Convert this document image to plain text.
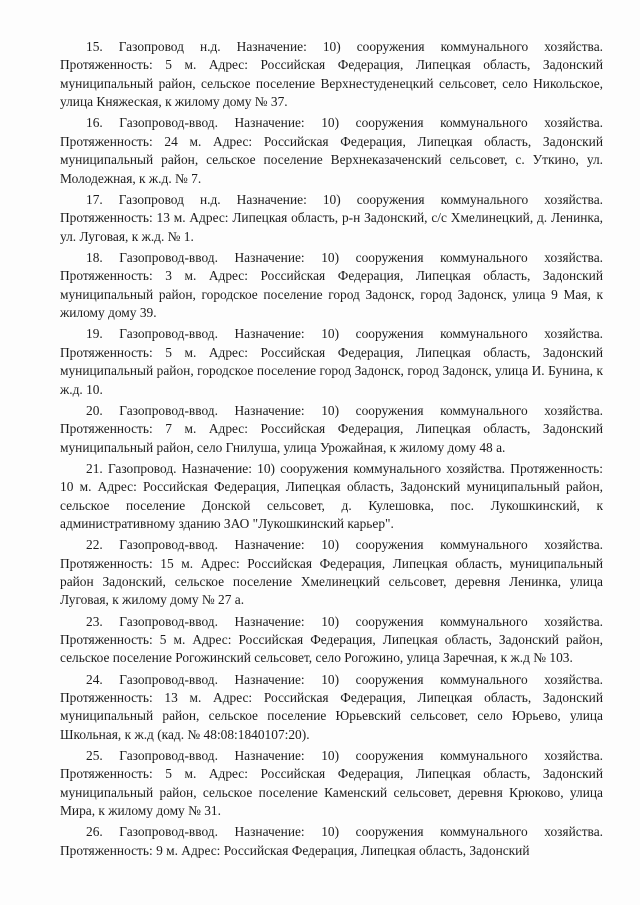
15. Газопровод н.д. Назначение: 10) сооружения коммунального хозяйства. Протяженность: 5 м. Адрес: Российская Федерация, Липецкая область, Задонский муниципальный район, сельское поселение Верхнестуденецкий сельсовет, село Никольское, улица Княжеская, к жилому дому № 37.

16. Газопровод-ввод. Назначение: 10) сооружения коммунального хозяйства. Протяженность: 24 м. Адрес: Российская Федерация, Липецкая область, Задонский муниципальный район, сельское поселение Верхнеказаченский сельсовет, с. Уткино, ул. Молодежная, к ж.д. № 7.

17. Газопровод н.д. Назначение: 10) сооружения коммунального хозяйства. Протяженность: 13 м. Адрес: Липецкая область, р-н Задонский, с/с Хмелинецкий, д. Ленинка, ул. Луговая, к ж.д. № 1.

18. Газопровод-ввод. Назначение: 10) сооружения коммунального хозяйства. Протяженность: 3 м. Адрес: Российская Федерация, Липецкая область, Задонский муниципальный район, городское поселение город Задонск, город Задонск, улица 9 Мая, к жилому дому 39.

19. Газопровод-ввод. Назначение: 10) сооружения коммунального хозяйства. Протяженность: 5 м. Адрес: Российская Федерация, Липецкая область, Задонский муниципальный район, городское поселение город Задонск, город Задонск, улица И. Бунина, к ж.д. 10.

20. Газопровод-ввод. Назначение: 10) сооружения коммунального хозяйства. Протяженность: 7 м. Адрес: Российская Федерация, Липецкая область, Задонский муниципальный район, село Гнилуша, улица Урожайная, к жилому дому 48 а.

21. Газопровод. Назначение: 10) сооружения коммунального хозяйства. Протяженность: 10 м. Адрес: Российская Федерация, Липецкая область, Задонский муниципальный район, сельское поселение Донской сельсовет, д. Кулешовка, пос. Лукошкинский, к административному зданию ЗАО "Лукошкинский карьер".

22. Газопровод-ввод. Назначение: 10) сооружения коммунального хозяйства. Протяженность: 15 м. Адрес: Российская Федерация, Липецкая область, муниципальный район Задонский, сельское поселение Хмелинецкий сельсовет, деревня Ленинка, улица Луговая, к жилому дому № 27 а.

23. Газопровод-ввод. Назначение: 10) сооружения коммунального хозяйства. Протяженность: 5 м. Адрес: Российская Федерация, Липецкая область, Задонский район, сельское поселение Рогожинский сельсовет, село Рогожино, улица Заречная, к ж.д № 103.

24. Газопровод-ввод. Назначение: 10) сооружения коммунального хозяйства. Протяженность: 13 м. Адрес: Российская Федерация, Липецкая область, Задонский муниципальный район, сельское поселение Юрьевский сельсовет, село Юрьево, улица Школьная, к ж.д (кад. № 48:08:1840107:20).

25. Газопровод-ввод. Назначение: 10) сооружения коммунального хозяйства. Протяженность: 5 м. Адрес: Российская Федерация, Липецкая область, Задонский муниципальный район, сельское поселение Каменский сельсовет, деревня Крюково, улица Мира, к жилому дому № 31.

26. Газопровод-ввод. Назначение: 10) сооружения коммунального хозяйства. Протяженность: 9 м. Адрес: Российская Федерация, Липецкая область, Задонский
